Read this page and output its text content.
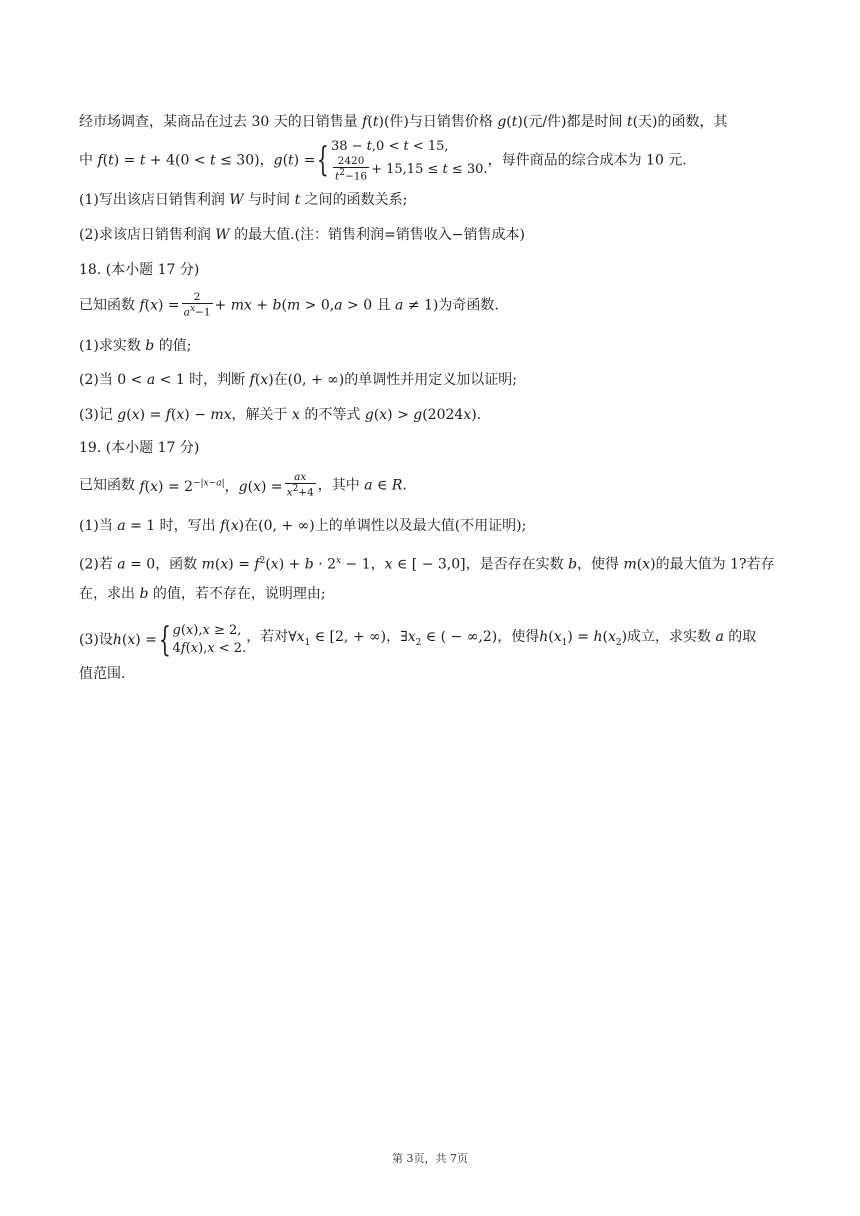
经市场调查，某商品在过去 30 天的日销售量 f(t)(件)与日销售价格 g(t)(元/件)都是时间 t(天)的函数，其
中 f(t) = t + 4(0 < t ≤ 30)，g(t) ={ 38 − t,0 < t < 15,
$\frac{2420}{t^2-16} + 15,15 \le t \le 30$.
，每件商品的综合成本为 10 元.
(1)写出该店日销售利润 W 与时间 t 之间的函数关系;
(2)求该店日销售利润 W 的最大值.(注：销售利润=销售收入−销售成本)
18. (本小题 17 分)
已知函数 $f(x) = \frac{2}{a^x-1}$ + mx + b(m > 0,a > 0 且 a ≠ 1)为奇函数.
(1)求实数 b 的值;
(2)当 0 < a < 1 时，判断 f(x)在(0, + ∞)的单调性并用定义加以证明;
(3)记 g(x) = f(x) − mx，解关于 x 的不等式 g(x) > g(2024x).
19. (本小题 17 分)
已知函数 $f(x) = 2^{-|x-a|}$，$g(x) = \frac{ax}{x^2+4}$ ，其中 a ∈ R.
(1)当 a = 1 时，写出 f(x)在(0, + ∞)上的单调性以及最大值(不用证明);
(2)若 a = 0，函数 $m(x) = f^2(x) + b \cdot 2^x - 1$，x ∈ [ − 3,0]，是否存在实数 b，使得 m(x)的最大值为 1?若存
在，求出 b 的值，若不存在，说明理由;
(3)设h(x) ={ g(x),x ≥ 2,
4f(x),x < 2.
，若对$\forall x_1$ ∈ [2, + ∞)，$\exists x_2$ ∈ ( − ∞,2)，使得$h(x_1) = h(x_2)$成立，求实数 a 的取
值范围.
第 3页，共 7页
